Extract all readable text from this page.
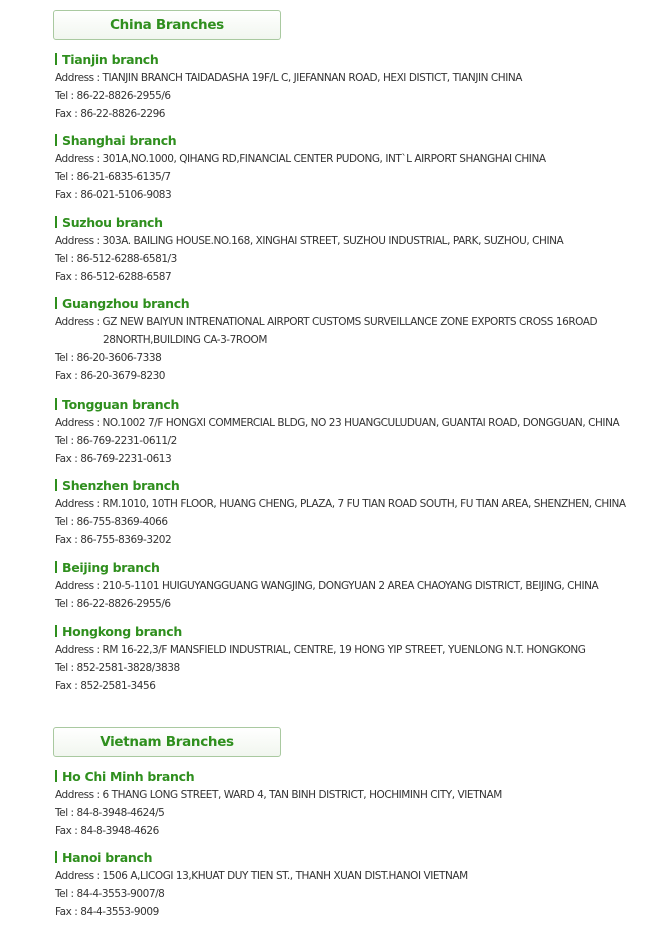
China Branches
Tianjin branch
Address : TIANJIN BRANCH TAIDADASHA 19F/L C, JIEFANNAN ROAD, HEXI DISTICT, TIANJIN CHINA
Tel : 86-22-8826-2955/6
Fax : 86-22-8826-2296
Shanghai branch
Address : 301A,NO.1000, QIHANG RD,FINANCIAL CENTER PUDONG, INT`L AIRPORT SHANGHAI CHINA
Tel : 86-21-6835-6135/7
Fax : 86-021-5106-9083
Suzhou branch
Address : 303A. BAILING HOUSE.NO.168, XINGHAI STREET, SUZHOU INDUSTRIAL, PARK, SUZHOU, CHINA
Tel : 86-512-6288-6581/3
Fax : 86-512-6288-6587
Guangzhou branch
Address : GZ NEW BAIYUN INTRENATIONAL AIRPORT CUSTOMS SURVEILLANCE ZONE EXPORTS CROSS 16ROAD
28NORTH,BUILDING CA-3-7ROOM
Tel : 86-20-3606-7338
Fax : 86-20-3679-8230
Tongguan branch
Address : NO.1002 7/F HONGXI COMMERCIAL BLDG, NO 23 HUANGCULUDUAN, GUANTAI ROAD, DONGGUAN, CHINA
Tel : 86-769-2231-0611/2
Fax : 86-769-2231-0613
Shenzhen branch
Address : RM.1010, 10TH FLOOR, HUANG CHENG, PLAZA, 7 FU TIAN ROAD SOUTH, FU TIAN AREA, SHENZHEN, CHINA
Tel : 86-755-8369-4066
Fax : 86-755-8369-3202
Beijing branch
Address : 210-5-1101 HUIGUYANGGUANG WANGJING, DONGYUAN 2 AREA CHAOYANG DISTRICT, BEIJING, CHINA
Tel : 86-22-8826-2955/6
Hongkong branch
Address : RM 16-22,3/F MANSFIELD INDUSTRIAL, CENTRE, 19 HONG YIP STREET, YUENLONG N.T. HONGKONG
Tel : 852-2581-3828/3838
Fax : 852-2581-3456
Vietnam Branches
Ho Chi Minh branch
Address : 6 THANG LONG STREET, WARD 4, TAN BINH DISTRICT, HOCHIMINH CITY, VIETNAM
Tel : 84-8-3948-4624/5
Fax : 84-8-3948-4626
Hanoi branch
Address : 1506 A,LICOGI 13,KHUAT DUY TIEN ST., THANH XUAN DIST.HANOI VIETNAM
Tel : 84-4-3553-9007/8
Fax : 84-4-3553-9009
